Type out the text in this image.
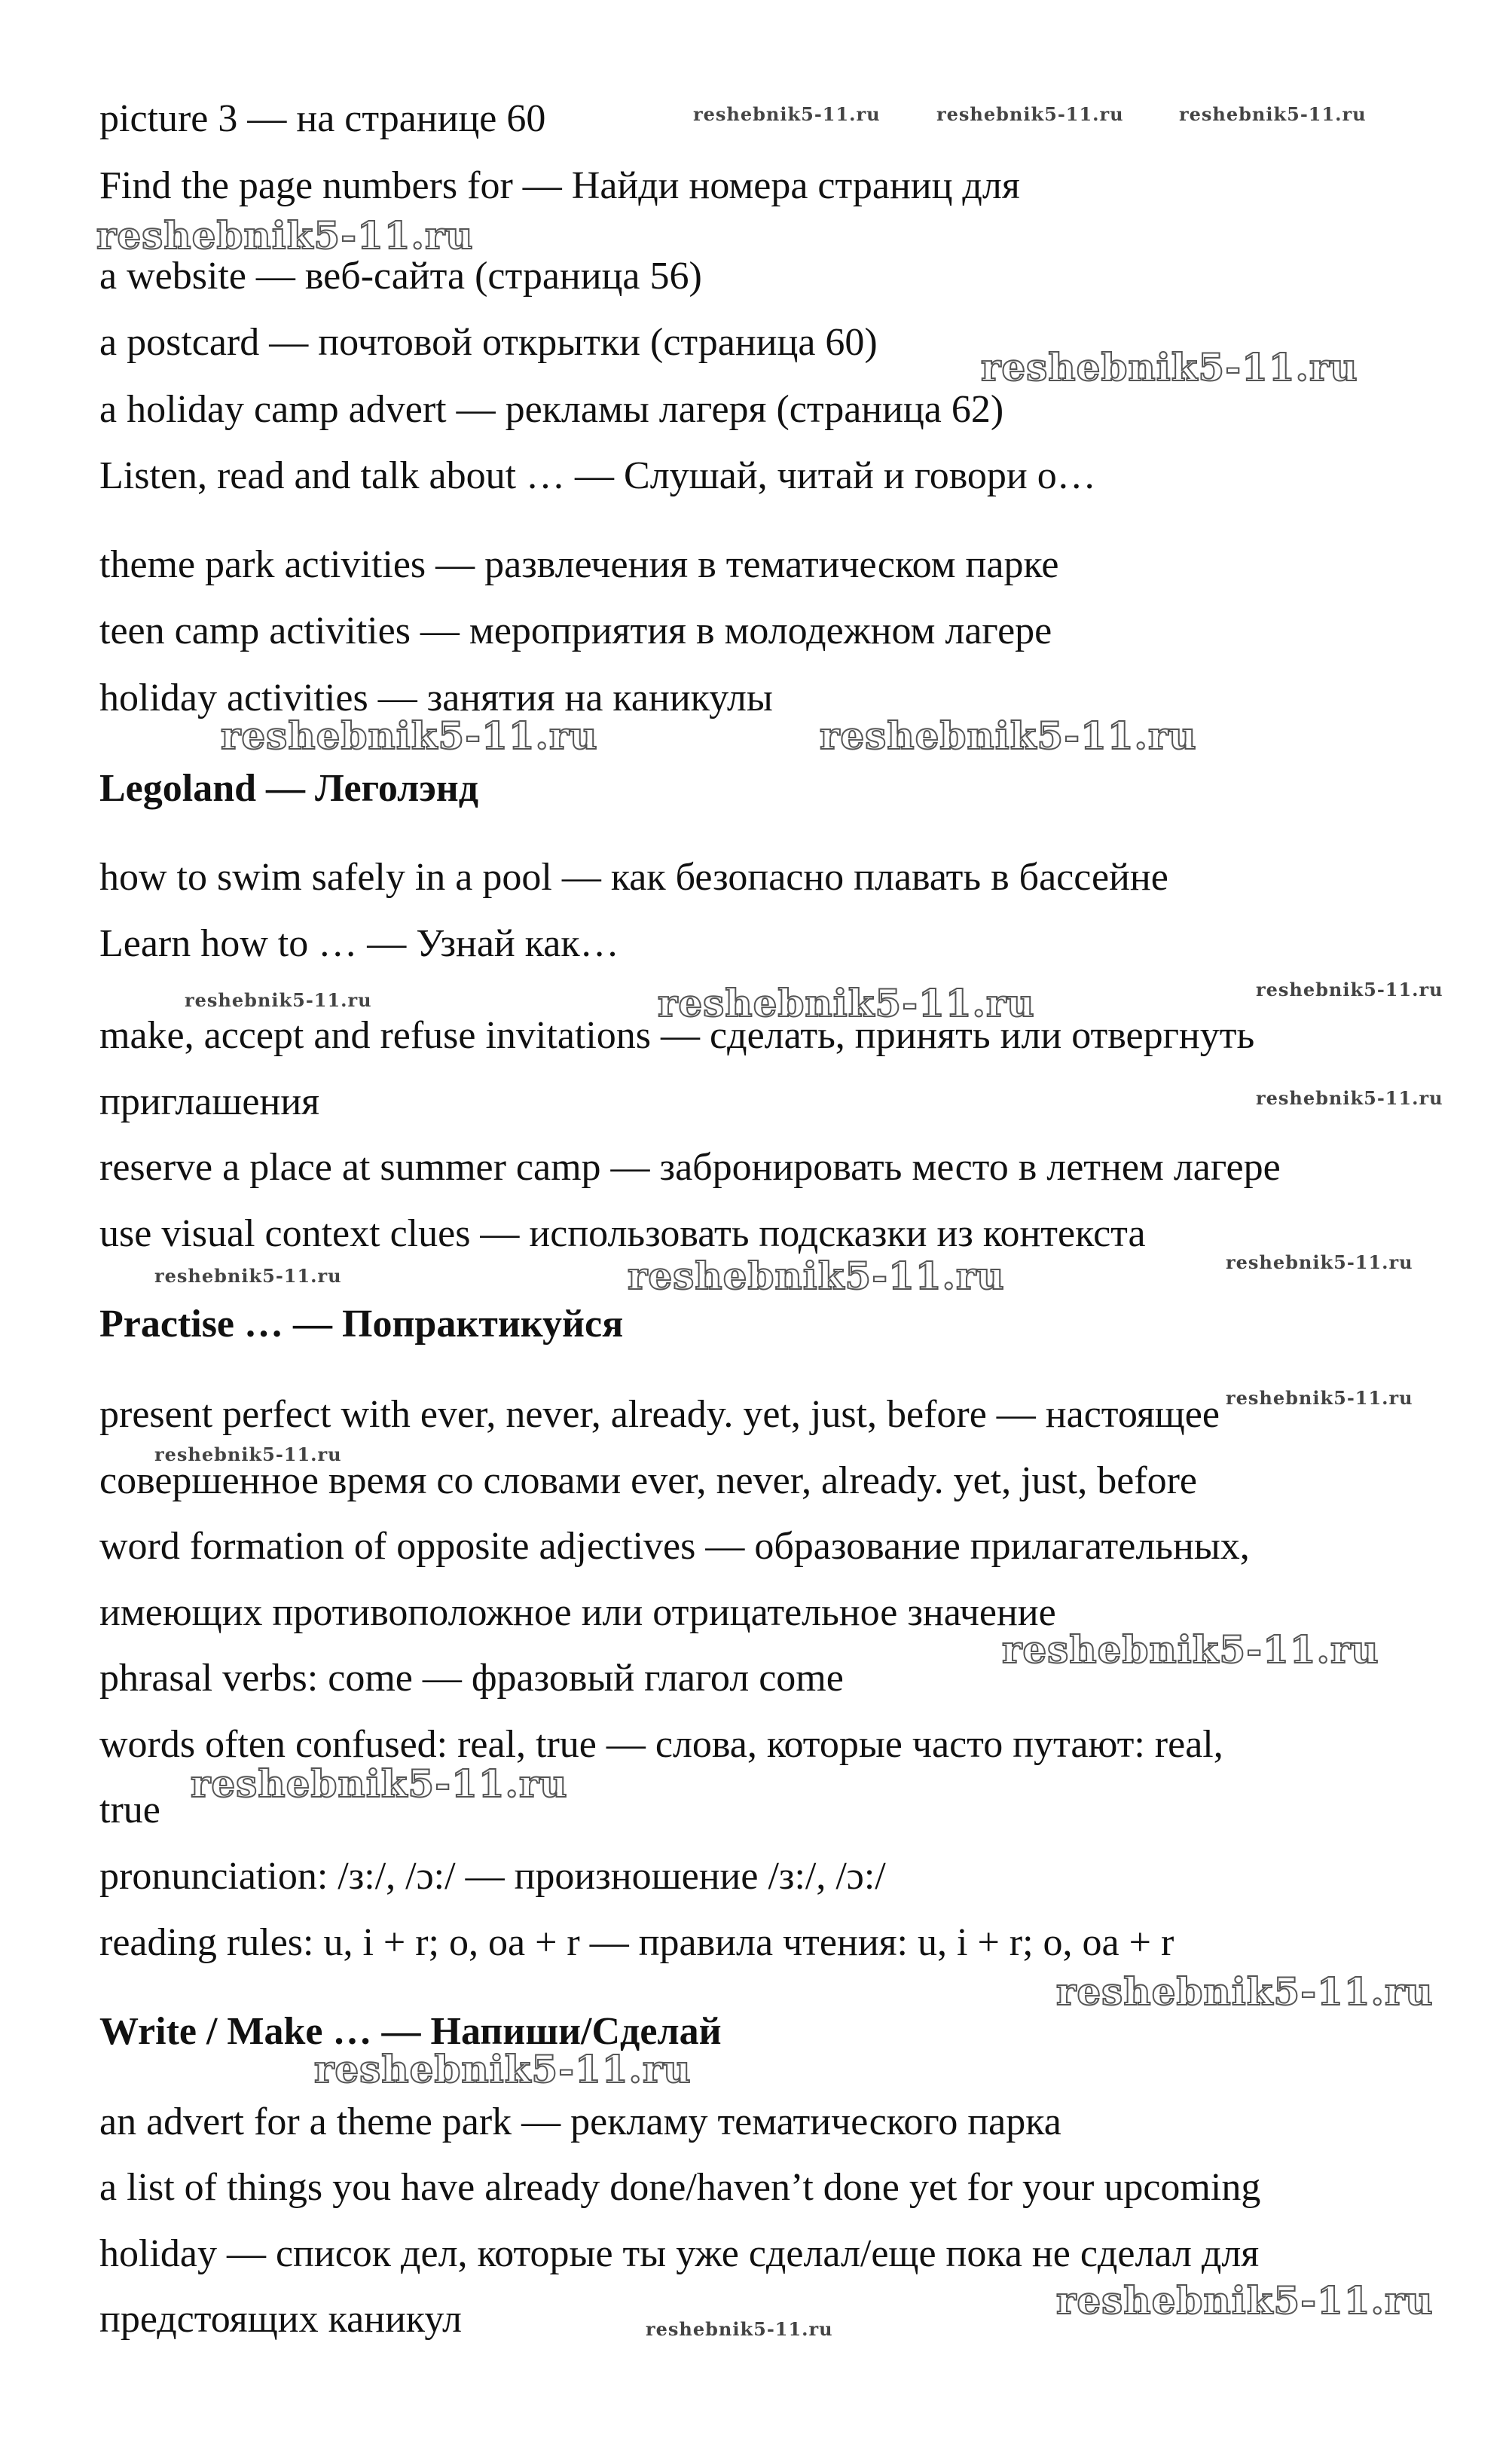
picture 3 — на странице 60
Find the page numbers for — Найди номера страниц для
a website — веб-сайта (страница 56)
a postcard — почтовой открытки (страница 60)
a holiday camp advert — рекламы лагеря (страница 62)
Listen, read and talk about … — Слушай, читай и говори о…
theme park activities — развлечения в тематическом парке
teen camp activities — мероприятия в молодежном лагере
holiday activities — занятия на каникулы
Legoland — Леголэнд
how to swim safely in a pool — как безопасно плавать в бассейне
Learn how to … — Узнай как…
make, accept and refuse invitations — сделать, принять или отвергнуть
приглашения
reserve a place at summer camp — забронировать место в летнем лагере
use visual context clues — использовать подсказки из контекста
Practise … — Попрактикуйся
present perfect with ever, never, already. yet, just, before — настоящее
совершенное время со словами ever, never, already. yet, just, before
word formation of opposite adjectives — образование прилагательных,
имеющих противоположное или отрицательное значение
phrasal verbs: come — фразовый глагол come
words often confused: real, true — слова, которые часто путают: real,
true
pronunciation: /з:/, /ɔ:/ — произношение /з:/, /ɔ:/
reading rules: u, i + r; o, oa + r — правила чтения: u, i + r; o, oa + r
Write / Make … — Напиши/Сделай
an advert for a theme park — рекламу тематического парка
a list of things you have already done/haven’t done yet for your upcoming
holiday — список дел, которые ты уже сделал/еще пока не сделал для
предстоящих каникул
reshebnik5-11.ru	reshebnik5-11.ru	reshebnik5-11.ru
reshebnik5-11.ru
reshebnik5-11.ru
reshebnik5-11.ru	reshebnik5-11.ru
reshebnik5-11.ru	reshebnik5-11.ru	reshebnik5-11.ru
reshebnik5-11.ru
reshebnik5-11.ru	reshebnik5-11.ru	reshebnik5-11.ru
reshebnik5-11.ru
reshebnik5-11.ru
reshebnik5-11.ru
reshebnik5-11.ru
reshebnik5-11.ru
reshebnik5-11.ru
reshebnik5-11.ru
reshebnik5-11.ru
